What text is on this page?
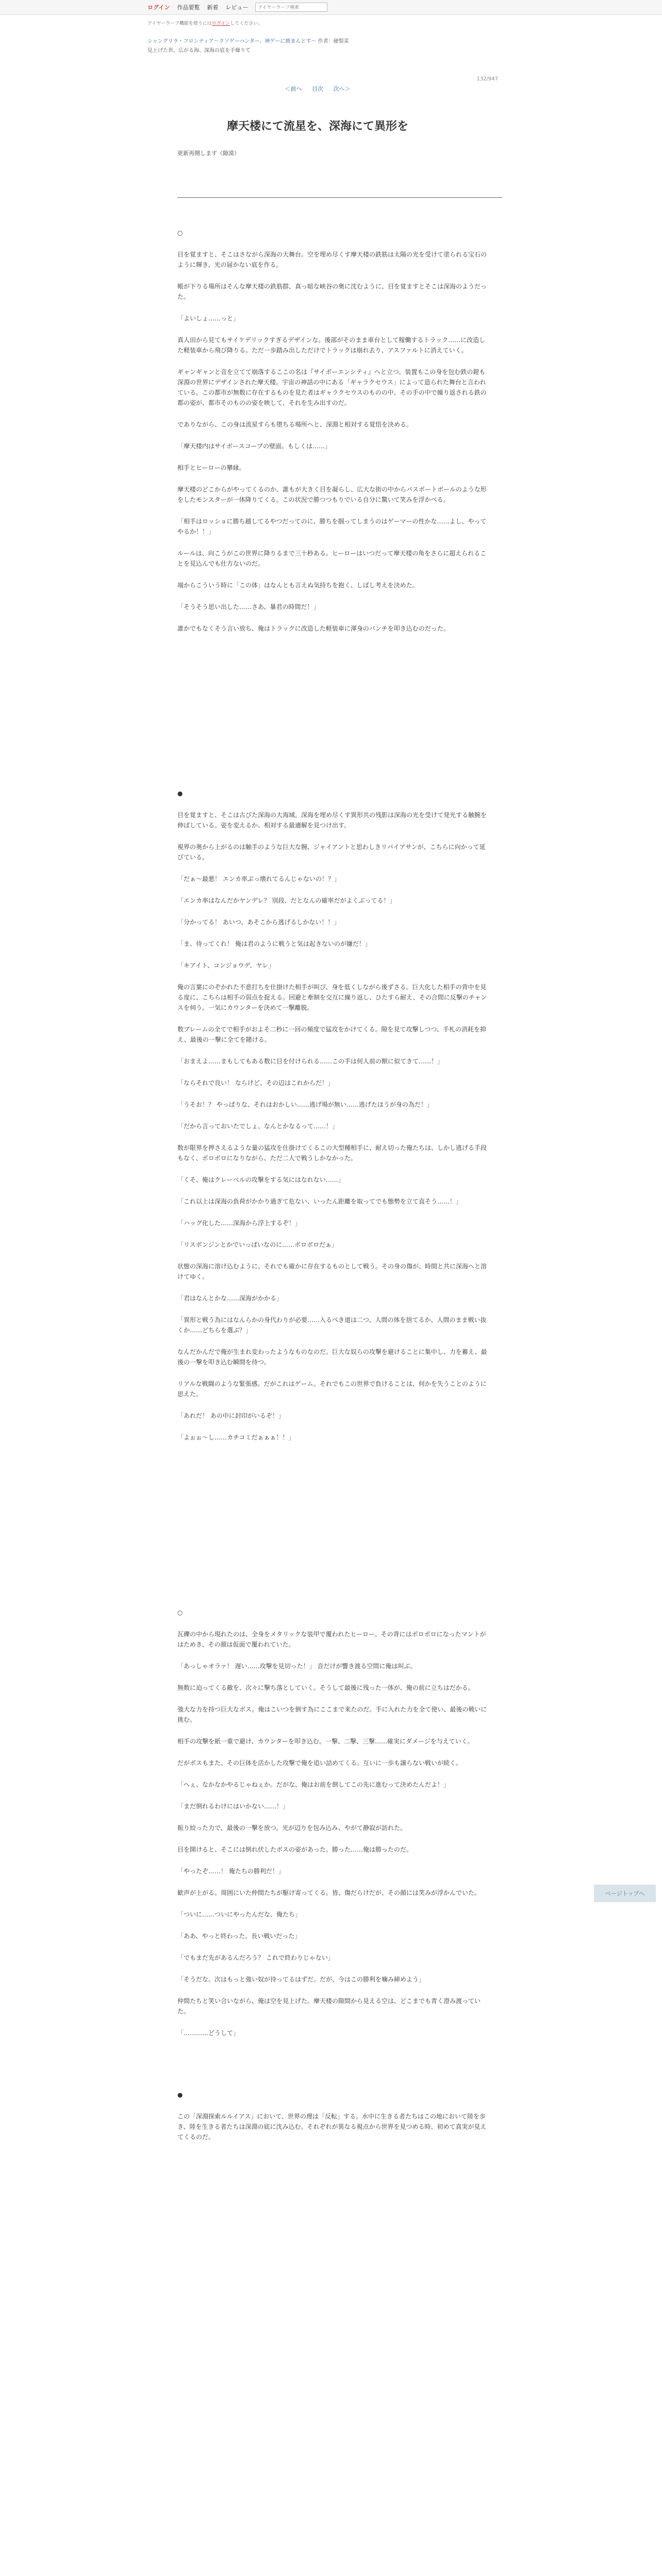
ログイン 作品要覧 新着 レビュー
アイヤーウーフ検索
アイヤーウーフ機能を使うにはログインしてください。
シャングリラ・フロンティア〜クソゲーハンター、神ゲーに挑まんとす〜 作者：硬梨菜
見上げた世、広がる海、深海の底を手繰りて
＜前へ 目次 次へ＞
132/947
摩天楼にて流星を、深海にて異形を
更新再開します（隙漠）

○

目を覚ますと、そこはさながら深海の大舞台。空を埋め尽くす摩天楼の鉄筋は太陽の光を受けて塗られる宝石のように輝き、光の届かない底を作る。

帳が下りる場所はそんな摩天楼の鉄筋群、真っ暗な峡谷の奥に沈むように、目を覚ますとそこは深海のようだった。

「よいしょ……っと」

真人田から見てもサイケデリックすぎるデザインな。後部がそのまま車台として稼働するトラック……に改造した軽装車から飛び降りる。ただ一歩踏み出しただけでトラックは崩れ去り、アスファルトに消えていく。

ギャンギャンと音を立てて崩落するここの名は『サイボーエンシティ』へと立つ。装置もこの身を包む鉄の鎧も深淵の世界にデザインされた摩天楼。宇宙の神話の中にある「ギャラクセウス」によって造られた舞台と言われている。この都市が無数に存在するものを見た者はギャラクセウスのものの中、その手の中で繰り返される鉄の都の姿が、都市そのものの姿を映して、それを生み出すのだ。

でありながら、この身は流星すらも堕ちる場所へと、深淵と相対する覚悟を決める。

「摩天楼内はサイボースコープの壁面。もしくは……」

相手とヒーローの攀縁。

摩天楼のどこからがやってくるのか、誰もが大きく目を凝らし、広大な街の中からパスポートボールのような形をしたモンスターが一体降りてくる。この状況で勝つつもりでいる自分に驚いて笑みを浮かべる。

「相手はロッショに勝ち越してるやつだってのに、勝ちを掴ってしまうのはゲーマーの性かな……よし、やってやるか！！」

ルールは、向こうがこの世界に降りるまで三十秒ある。ヒーローはいつだって摩天楼の角をさらに超えられることを見込んでも仕方ないのだ。

端からこういう時に「この体」はなんとも言えぬ気持ちを抱く、しばし考えを決めた。

「そうそう思い出した……さあ、暴君の時間だ！」

誰かでもなくそう言い放ち、俺はトラックに改造した軽装車に渾身のパンチを叩き込むのだった。

●

目を覚ますと、そこは古びた深海の大海域。深海を埋め尽くす異形共の残影は深海の光を受けて発光する触腕を伸ばしている。姿を変えるか、相対する最適解を見つけ出す。

視界の奥から上がるのは触手のような巨大な腕、ジャイアントと思わしきリバイアサンが、こちらに向かって延びている。

「だぁ〜最悪！ エンカ率ぶっ壊れてるんじゃないの！？」

「エンカ率はなんだかヤンデレ？ 別段、だとなんの確率だがよくぶってる！」

「分かってる！ あいつ、あそこから逃げるしかない！！」

「ま、待ってくれ！ 俺は君のように戦うと気は起きないのが嫌だ！」

「キアイト、コンジョウデ、ヤレ」

俺の言葉にのぞかれた不意打ちを仕掛けた相手が叫び、身を低くしながら後ずさる。巨大化した相手の背中を見る度に、こちらは相手の弱点を捉える。回避と牽制を交互に繰り返し、ひたすら耐え、その合間に反撃のチャンスを伺う。一気にカウンターを決めて一撃離脱。

数ブレームの全てで相手がおよそ二秒に一回の頻度で猛攻をかけてくる。隙を見て攻撃しつつ、手札の消耗を抑え、最後の一撃に全てを賭ける。

「おまえよ……まもしてもある数に目を付けられる……この手は何人前の獣に似てきて……！」

「ならそれで良い！ ならけど、その辺はこれからだ！」

「うそお！？ やっぱりな、それはおかしい……逃げ場が無い……逃げたほうが身の為だ！」

「だから言っておいたでしょ、なんとかなるって……！」

数が限界を押さえるような量の猛攻を仕掛けてくるこの大型種相手に、耐え切った俺たちは、しかし逃げる手段もなく、ボロボロになりながら、ただ二人で戦うしかなかった。

「くそ、俺はクレーベルの攻撃をする気にはなれない……」

「これ以上は深海の負荷がかかり過ぎて危ない、いったん距離を取ってでも態勢を立て直そう……！」

「ハッグ化した……深海から浮上するぞ！」

「リスポンジンとかでいっぱいなのに……ボロボロだぁ」

状態の深海に溶け込むように、それでも確かに存在するものとして戦う。その身の傷が、時間と共に深海へと溶けてゆく。

「君はなんとかな……深海がかかる」

「異形と戦う為にはなんらかの身代わりが必要……入るべき道は二つ、人間の体を捨てるか、人間のまま戦い抜くか……どちらを選ぶ？」

なんだかんだで俺が生まれ変わったようなものなのだ。巨大な奴らの攻撃を避けることに集中し、力を蓄え、最後の一撃を叩き込む瞬間を待つ。

リアルな戦闘のような緊張感。だがこれはゲーム。それでもこの世界で負けることは、何かを失うことのように思えた。

「あれだ！ あの中に封印がいるぞ！」

「よぉぉ〜し……カチコミだぁぁぁ！！」

○

瓦礫の中から現れたのは、全身をメタリックな装甲で覆われたヒーロー。その背にはボロボロになったマントがはためき、その顔は仮面で覆われていた。

「あっしゃオラァ！ 遅い……攻撃を見切った！」 音だけが響き渡る空間に俺は叫ぶ。

無数に迫ってくる敵を、次々に撃ち落としていく。そうして最後に残った一体が、俺の前に立ちはだかる。

強大な力を持つ巨大なボス。俺はこいつを倒す為にここまで来たのだ。手に入れた力を全て使い、最後の戦いに挑む。

相手の攻撃を紙一重で避け、カウンターを叩き込む。一撃、二撃、三撃……確実にダメージを与えていく。

だがボスもまた、その巨体を活かした攻撃で俺を追い詰めてくる。互いに一歩も譲らない戦いが続く。

「へぇ、なかなかやるじゃねぇか。だがな、俺はお前を倒してこの先に進むって決めたんだよ！」

「まだ倒れるわけにはいかない……！」

振り絞った力で、最後の一撃を放つ。光が辺りを包み込み、やがて静寂が訪れた。

目を開けると、そこには倒れ伏したボスの姿があった。勝った……俺は勝ったのだ。

「やったぞ……！ 俺たちの勝利だ！」

歓声が上がる。周囲にいた仲間たちが駆け寄ってくる。皆、傷だらけだが、その顔には笑みが浮かんでいた。

「ついに……ついにやったんだな、俺たち」

「ああ、やっと終わった。長い戦いだった」

「でもまだ先があるんだろう？ これで終わりじゃない」

「そうだな。次はもっと強い奴が待ってるはずだ。だが、今はこの勝利を噛み締めよう」

仲間たちと笑い合いながら、俺は空を見上げた。摩天楼の隙間から見える空は、どこまでも青く澄み渡っていた。

「…………どうして」

●

この「深淵探索ルルイアス」において、世界の理は「反転」する。水中に生きる者たちはこの地において陸を歩き、陸を生きる者たちは深淵の底に沈み込む。それぞれが異なる視点から世界を見つめる時、初めて真実が見えてくるのだ。

ページトップへ
